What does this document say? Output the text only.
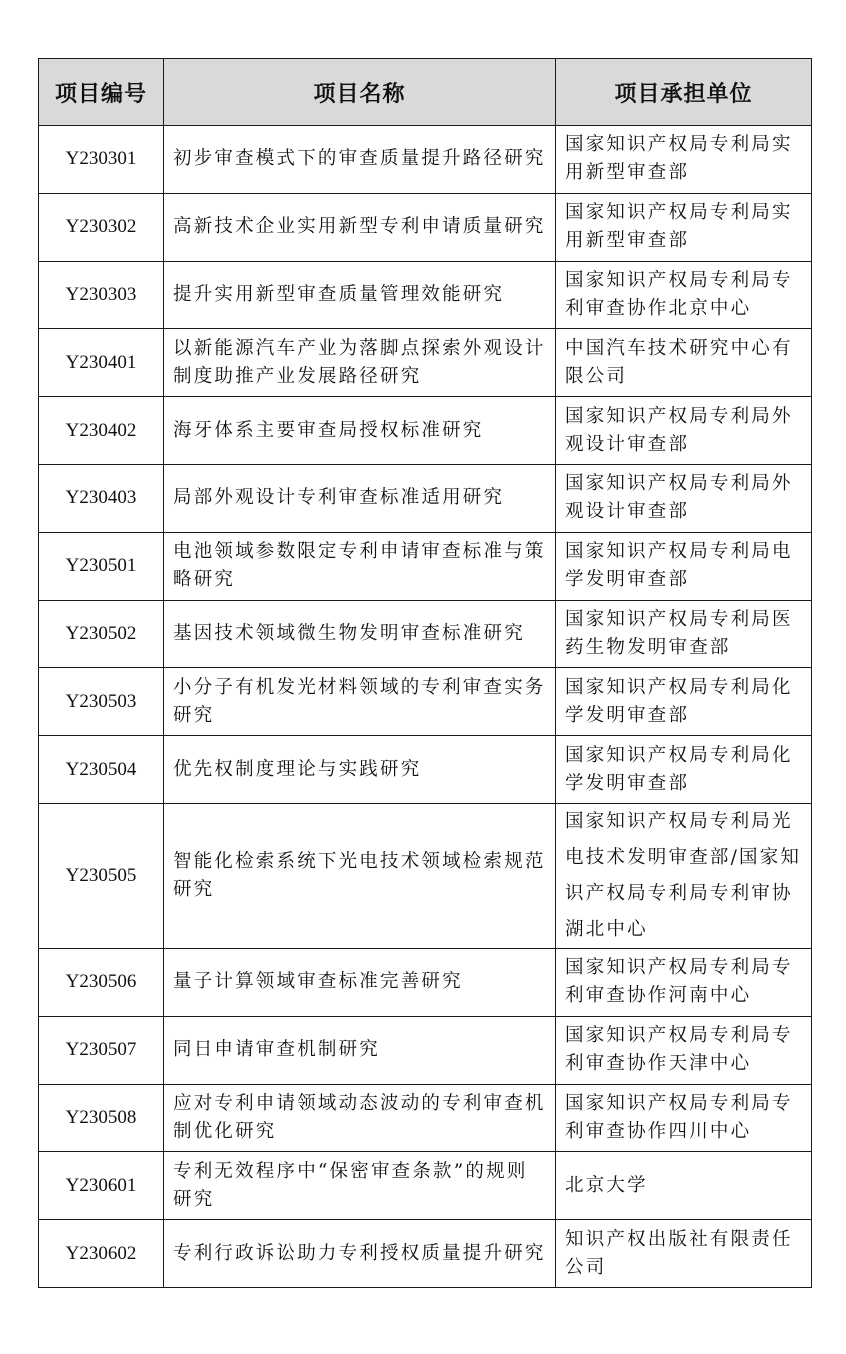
项目编号	项目名称	项目承担单位
Y230301	初步审查模式下的审查质量提升路径研究	国家知识产权局专利局实用新型审查部
Y230302	高新技术企业实用新型专利申请质量研究	国家知识产权局专利局实用新型审查部
Y230303	提升实用新型审查质量管理效能研究	国家知识产权局专利局专利审查协作北京中心
Y230401	以新能源汽车产业为落脚点探索外观设计制度助推产业发展路径研究	中国汽车技术研究中心有限公司
Y230402	海牙体系主要审查局授权标准研究	国家知识产权局专利局外观设计审查部
Y230403	局部外观设计专利审查标准适用研究	国家知识产权局专利局外观设计审查部
Y230501	电池领域参数限定专利申请审查标准与策略研究	国家知识产权局专利局电学发明审查部
Y230502	基因技术领域微生物发明审查标准研究	国家知识产权局专利局医药生物发明审查部
Y230503	小分子有机发光材料领域的专利审查实务研究	国家知识产权局专利局化学发明审查部
Y230504	优先权制度理论与实践研究	国家知识产权局专利局化学发明审查部
Y230505	智能化检索系统下光电技术领域检索规范研究	国家知识产权局专利局光电技术发明审查部/国家知识产权局专利局专利审协湖北中心
Y230506	量子计算领域审查标准完善研究	国家知识产权局专利局专利审查协作河南中心
Y230507	同日申请审查机制研究	国家知识产权局专利局专利审查协作天津中心
Y230508	应对专利申请领域动态波动的专利审查机制优化研究	国家知识产权局专利局专利审查协作四川中心
Y230601	专利无效程序中“保密审查条款”的规则研究	北京大学
Y230602	专利行政诉讼助力专利授权质量提升研究	知识产权出版社有限责任公司
